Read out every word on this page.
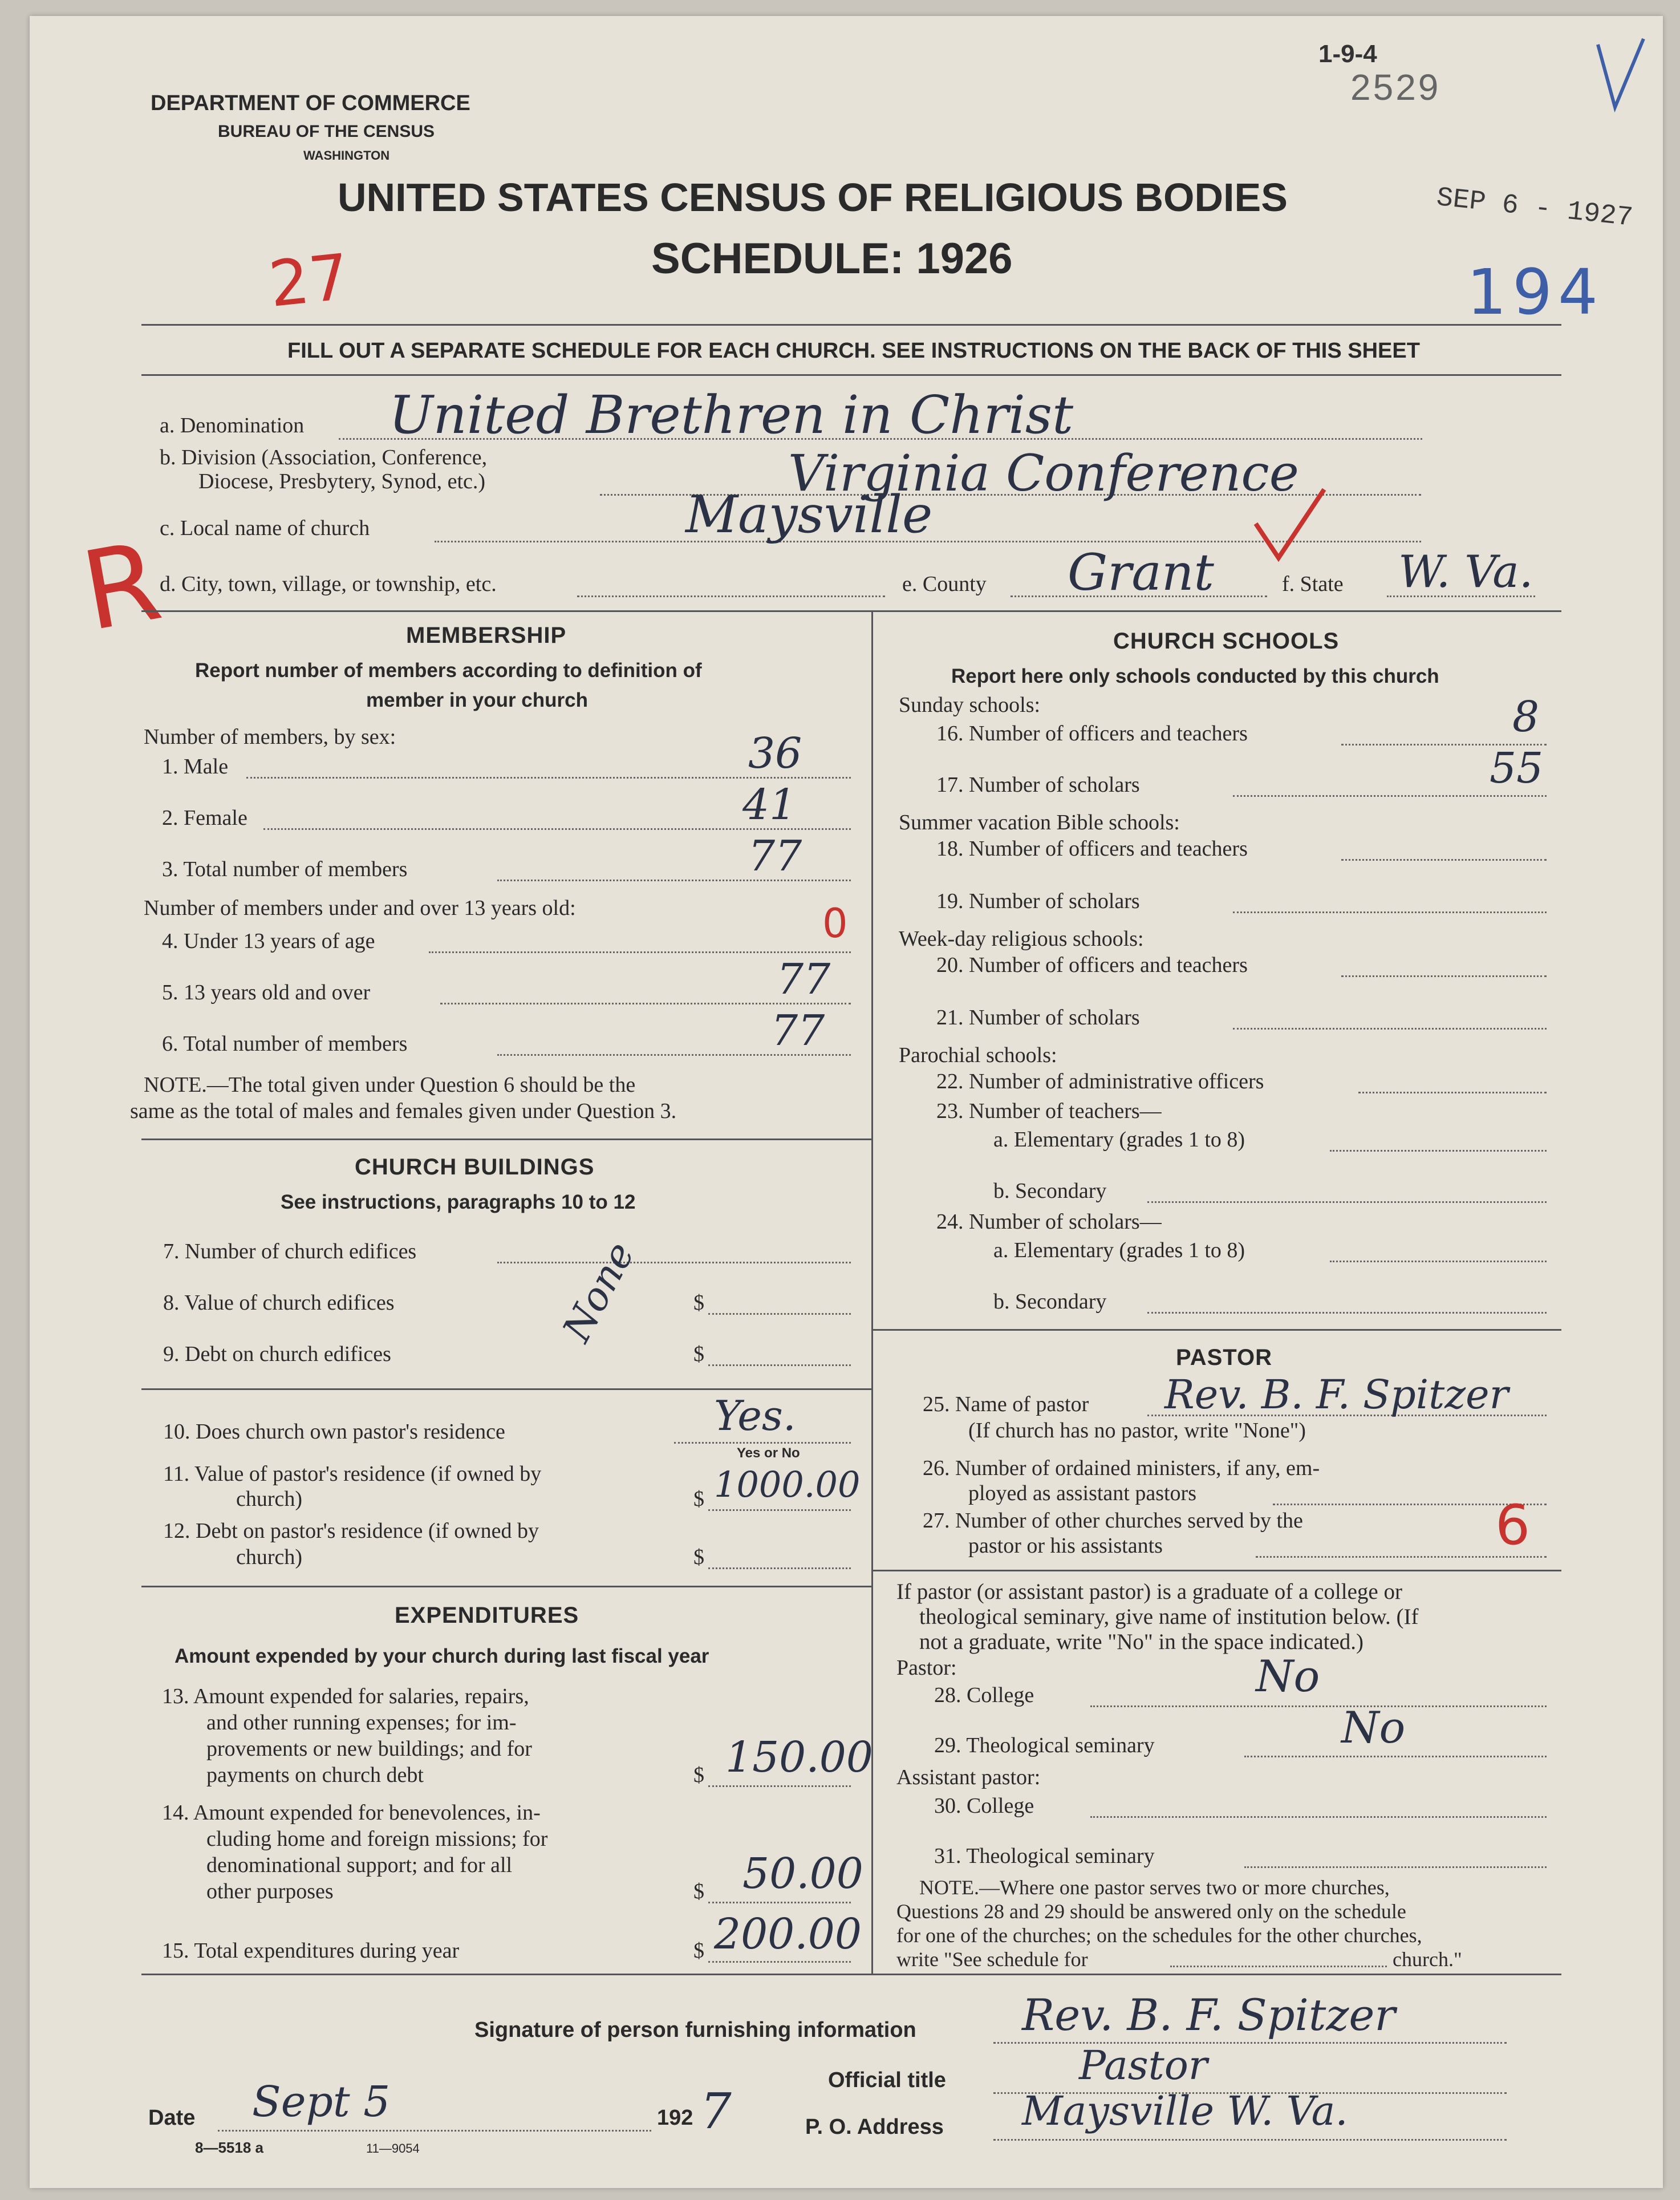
DEPARTMENT OF COMMERCE
BUREAU OF THE CENSUS
WASHINGTON
UNITED STATES CENSUS OF RELIGIOUS BODIES
SCHEDULE: 1926
1-9-4
2529
SEP 6 - 1927
27	194
R
FILL OUT A SEPARATE SCHEDULE FOR EACH CHURCH. SEE INSTRUCTIONS ON THE BACK OF THIS SHEET
a. Denomination United Brethren in Christ
b. Division (Association, Conference,
Diocese, Presbytery, Synod, etc.)	Virginia Conference
c. Local name of church	Maysville
d. City, town, village, or township, etc.	e. County Grant	f. State W. Va.
MEMBERSHIP
Report number of members according to definition of
member in your church
Number of members, by sex:
1. Male	36
2. Female	41
3. Total number of members	77
Number of members under and over 13 years old:
4. Under 13 years of age	0
5. 13 years old and over	77
6. Total number of members	77
NOTE.—The total given under Question 6 should be the
same as the total of males and females given under Question 3.
CHURCH BUILDINGS
See instructions, paragraphs 10 to 12
7. Number of church edifices
8. Value of church edifices	$
9. Debt on church edifices	$
None
10. Does church own pastor's residence	Yes.
Yes or No
11. Value of pastor's residence (if owned by
church)	$ 1000.00
12. Debt on pastor's residence (if owned by
church)	$
EXPENDITURES
Amount expended by your church during last fiscal year
13. Amount expended for salaries, repairs,
and other running expenses; for im-
provements or new buildings; and for
payments on church debt	$ 150.00
14. Amount expended for benevolences, in-
cluding home and foreign missions; for
denominational support; and for all
other purposes	$ 50.00
15. Total expenditures during year	$ 200.00
CHURCH SCHOOLS
Report here only schools conducted by this church
Sunday schools:
16. Number of officers and teachers	8
17. Number of scholars	55
Summer vacation Bible schools:
18. Number of officers and teachers
19. Number of scholars
Week-day religious schools:
20. Number of officers and teachers
21. Number of scholars
Parochial schools:
22. Number of administrative officers
23. Number of teachers—
a. Elementary (grades 1 to 8)
b. Secondary
24. Number of scholars—
a. Elementary (grades 1 to 8)
b. Secondary
PASTOR
25. Name of pastor Rev. B. F. Spitzer
(If church has no pastor, write "None")
26. Number of ordained ministers, if any, em-
ployed as assistant pastors
27. Number of other churches served by the
pastor or his assistants	6
If pastor (or assistant pastor) is a graduate of a college or
theological seminary, give name of institution below. (If
not a graduate, write "No" in the space indicated.)
Pastor:
28. College	No
29. Theological seminary	No
Assistant pastor:
30. College
31. Theological seminary
NOTE.—Where one pastor serves two or more churches,
Questions 28 and 29 should be answered only on the schedule
for one of the churches; on the schedules for the other churches,
write "See schedule for	church."
Signature of person furnishing information Rev. B. F. Spitzer
Official title	Pastor
Date Sept 5	192 7	P. O. Address Maysville W. Va.
8—5518 a	11—9054
